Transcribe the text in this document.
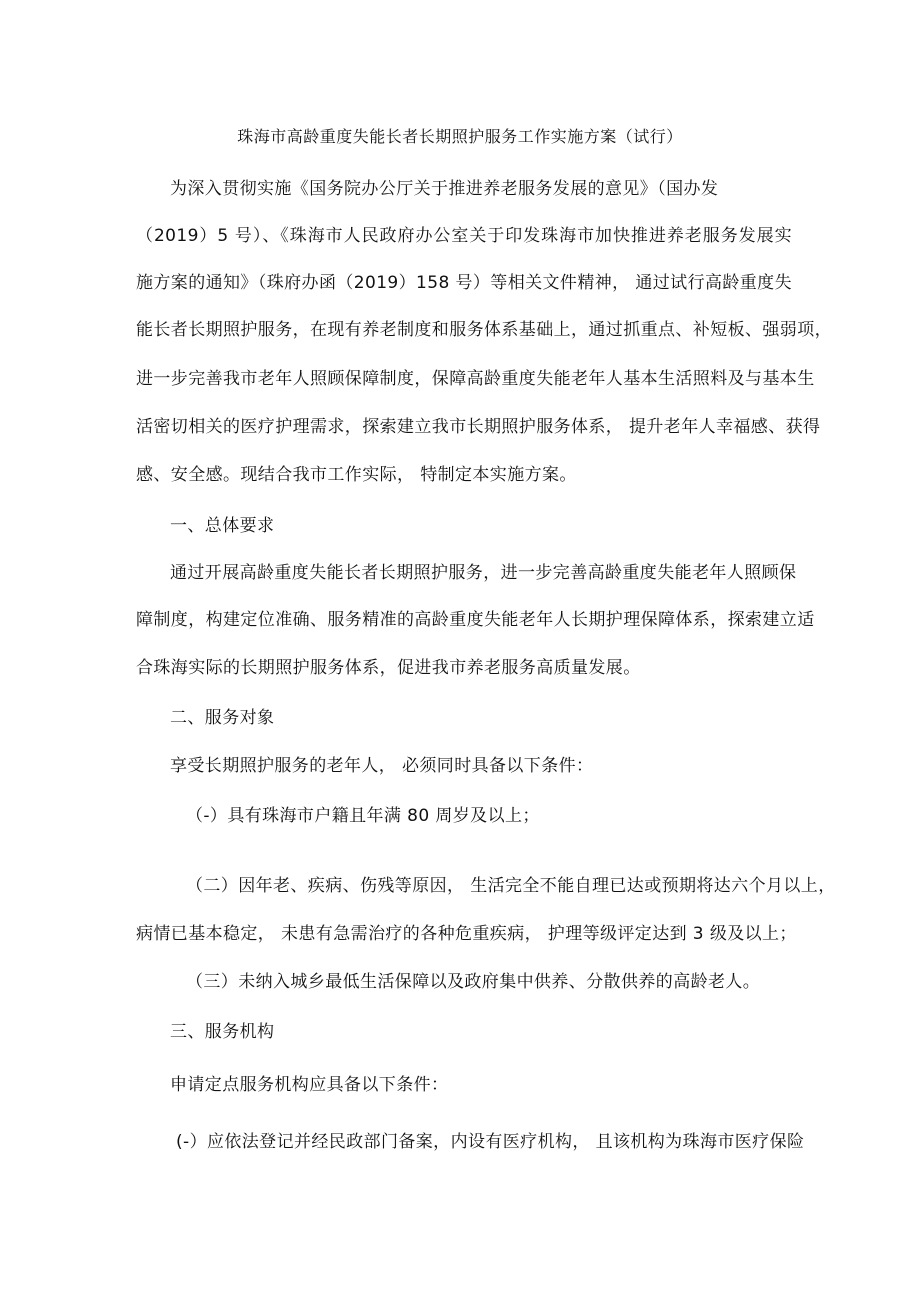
珠海市高龄重度失能长者长期照护服务工作实施方案（试行）
为深入贯彻实施《国务院办公厅关于推进养老服务发展的意见》（国办发
（2019）5 号）、《珠海市人民政府办公室关于印发珠海市加快推进养老服务发展实
施方案的通知》（珠府办函（2019）158 号）等相关文件精神， 通过试行高龄重度失
能长者长期照护服务，在现有养老制度和服务体系基础上，通过抓重点、补短板、强弱项，
进一步完善我市老年人照顾保障制度，保障高龄重度失能老年人基本生活照料及与基本生
活密切相关的医疗护理需求，探索建立我市长期照护服务体系， 提升老年人幸福感、获得
感、安全感。现结合我市工作实际， 特制定本实施方案。
一、总体要求
通过开展高龄重度失能长者长期照护服务，进一步完善高龄重度失能老年人照顾保
障制度，构建定位准确、服务精准的高龄重度失能老年人长期护理保障体系，探索建立适
合珠海实际的长期照护服务体系，促进我市养老服务高质量发展。
二、服务对象
享受长期照护服务的老年人， 必须同时具备以下条件：
（-）具有珠海市户籍且年满 80 周岁及以上；
（二）因年老、疾病、伤残等原因， 生活完全不能自理已达或预期将达六个月以上，
病情已基本稳定， 未患有急需治疗的各种危重疾病， 护理等级评定达到 3 级及以上；
（三）未纳入城乡最低生活保障以及政府集中供养、分散供养的高龄老人。
三、服务机构
申请定点服务机构应具备以下条件：
(-）应依法登记并经民政部门备案，内设有医疗机构， 且该机构为珠海市医疗保险
